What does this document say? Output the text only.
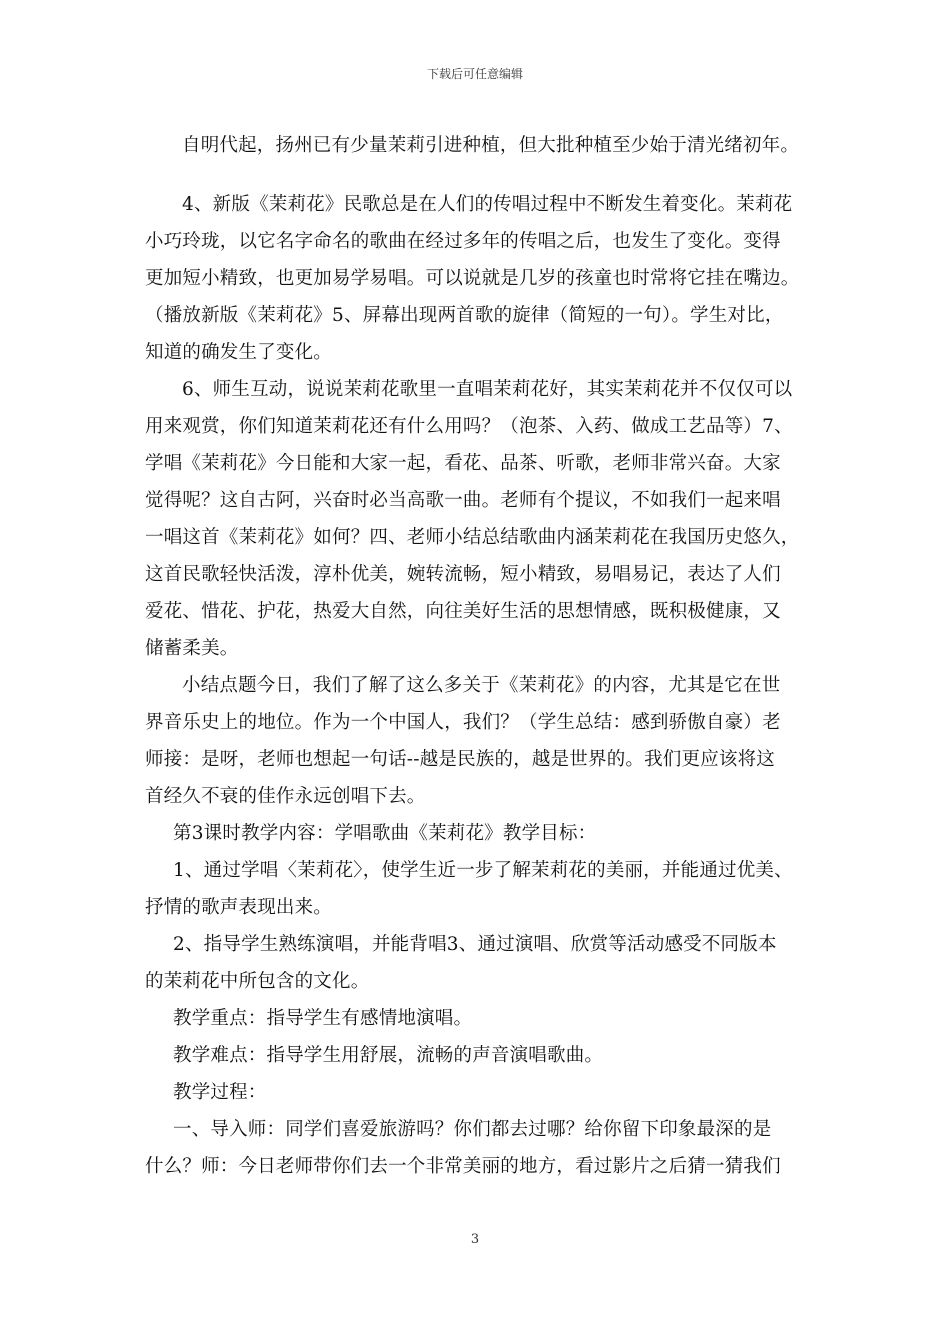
下载后可任意编辑
自明代起，扬州已有少量茉莉引进种植，但大批种植至少始于清光绪初年。
4、新版《茉莉花》民歌总是在人们的传唱过程中不断发生着变化。茉莉花
小巧玲珑，以它名字命名的歌曲在经过多年的传唱之后，也发生了变化。变得
更加短小精致，也更加易学易唱。可以说就是几岁的孩童也时常将它挂在嘴边。
（播放新版《茉莉花》5、屏幕出现两首歌的旋律（简短的一句）。学生对比，
知道的确发生了变化。
6、师生互动，说说茉莉花歌里一直唱茉莉花好，其实茉莉花并不仅仅可以
用来观赏，你们知道茉莉花还有什么用吗？（泡茶、入药、做成工艺品等）7、
学唱《茉莉花》今日能和大家一起，看花、品茶、听歌，老师非常兴奋。大家
觉得呢？这自古阿，兴奋时必当高歌一曲。老师有个提议，不如我们一起来唱
一唱这首《茉莉花》如何？四、老师小结总结歌曲内涵茉莉花在我国历史悠久，
这首民歌轻快活泼，淳朴优美，婉转流畅，短小精致，易唱易记，表达了人们
爱花、惜花、护花，热爱大自然，向往美好生活的思想情感，既积极健康，又
储蓄柔美。
小结点题今日，我们了解了这么多关于《茉莉花》的内容，尤其是它在世
界音乐史上的地位。作为一个中国人，我们？（学生总结：感到骄傲自豪）老
师接：是呀，老师也想起一句话--越是民族的，越是世界的。我们更应该将这
首经久不衰的佳作永远创唱下去。
第3课时教学内容：学唱歌曲《茉莉花》教学目标：
1、通过学唱〈茉莉花〉，使学生近一步了解茉莉花的美丽，并能通过优美、
抒情的歌声表现出来。
2、指导学生熟练演唱，并能背唱3、通过演唱、欣赏等活动感受不同版本
的茉莉花中所包含的文化。
教学重点：指导学生有感情地演唱。
教学难点：指导学生用舒展，流畅的声音演唱歌曲。
教学过程：
一、导入师：同学们喜爱旅游吗？你们都去过哪？给你留下印象最深的是
什么？师：今日老师带你们去一个非常美丽的地方，看过影片之后猜一猜我们
3
